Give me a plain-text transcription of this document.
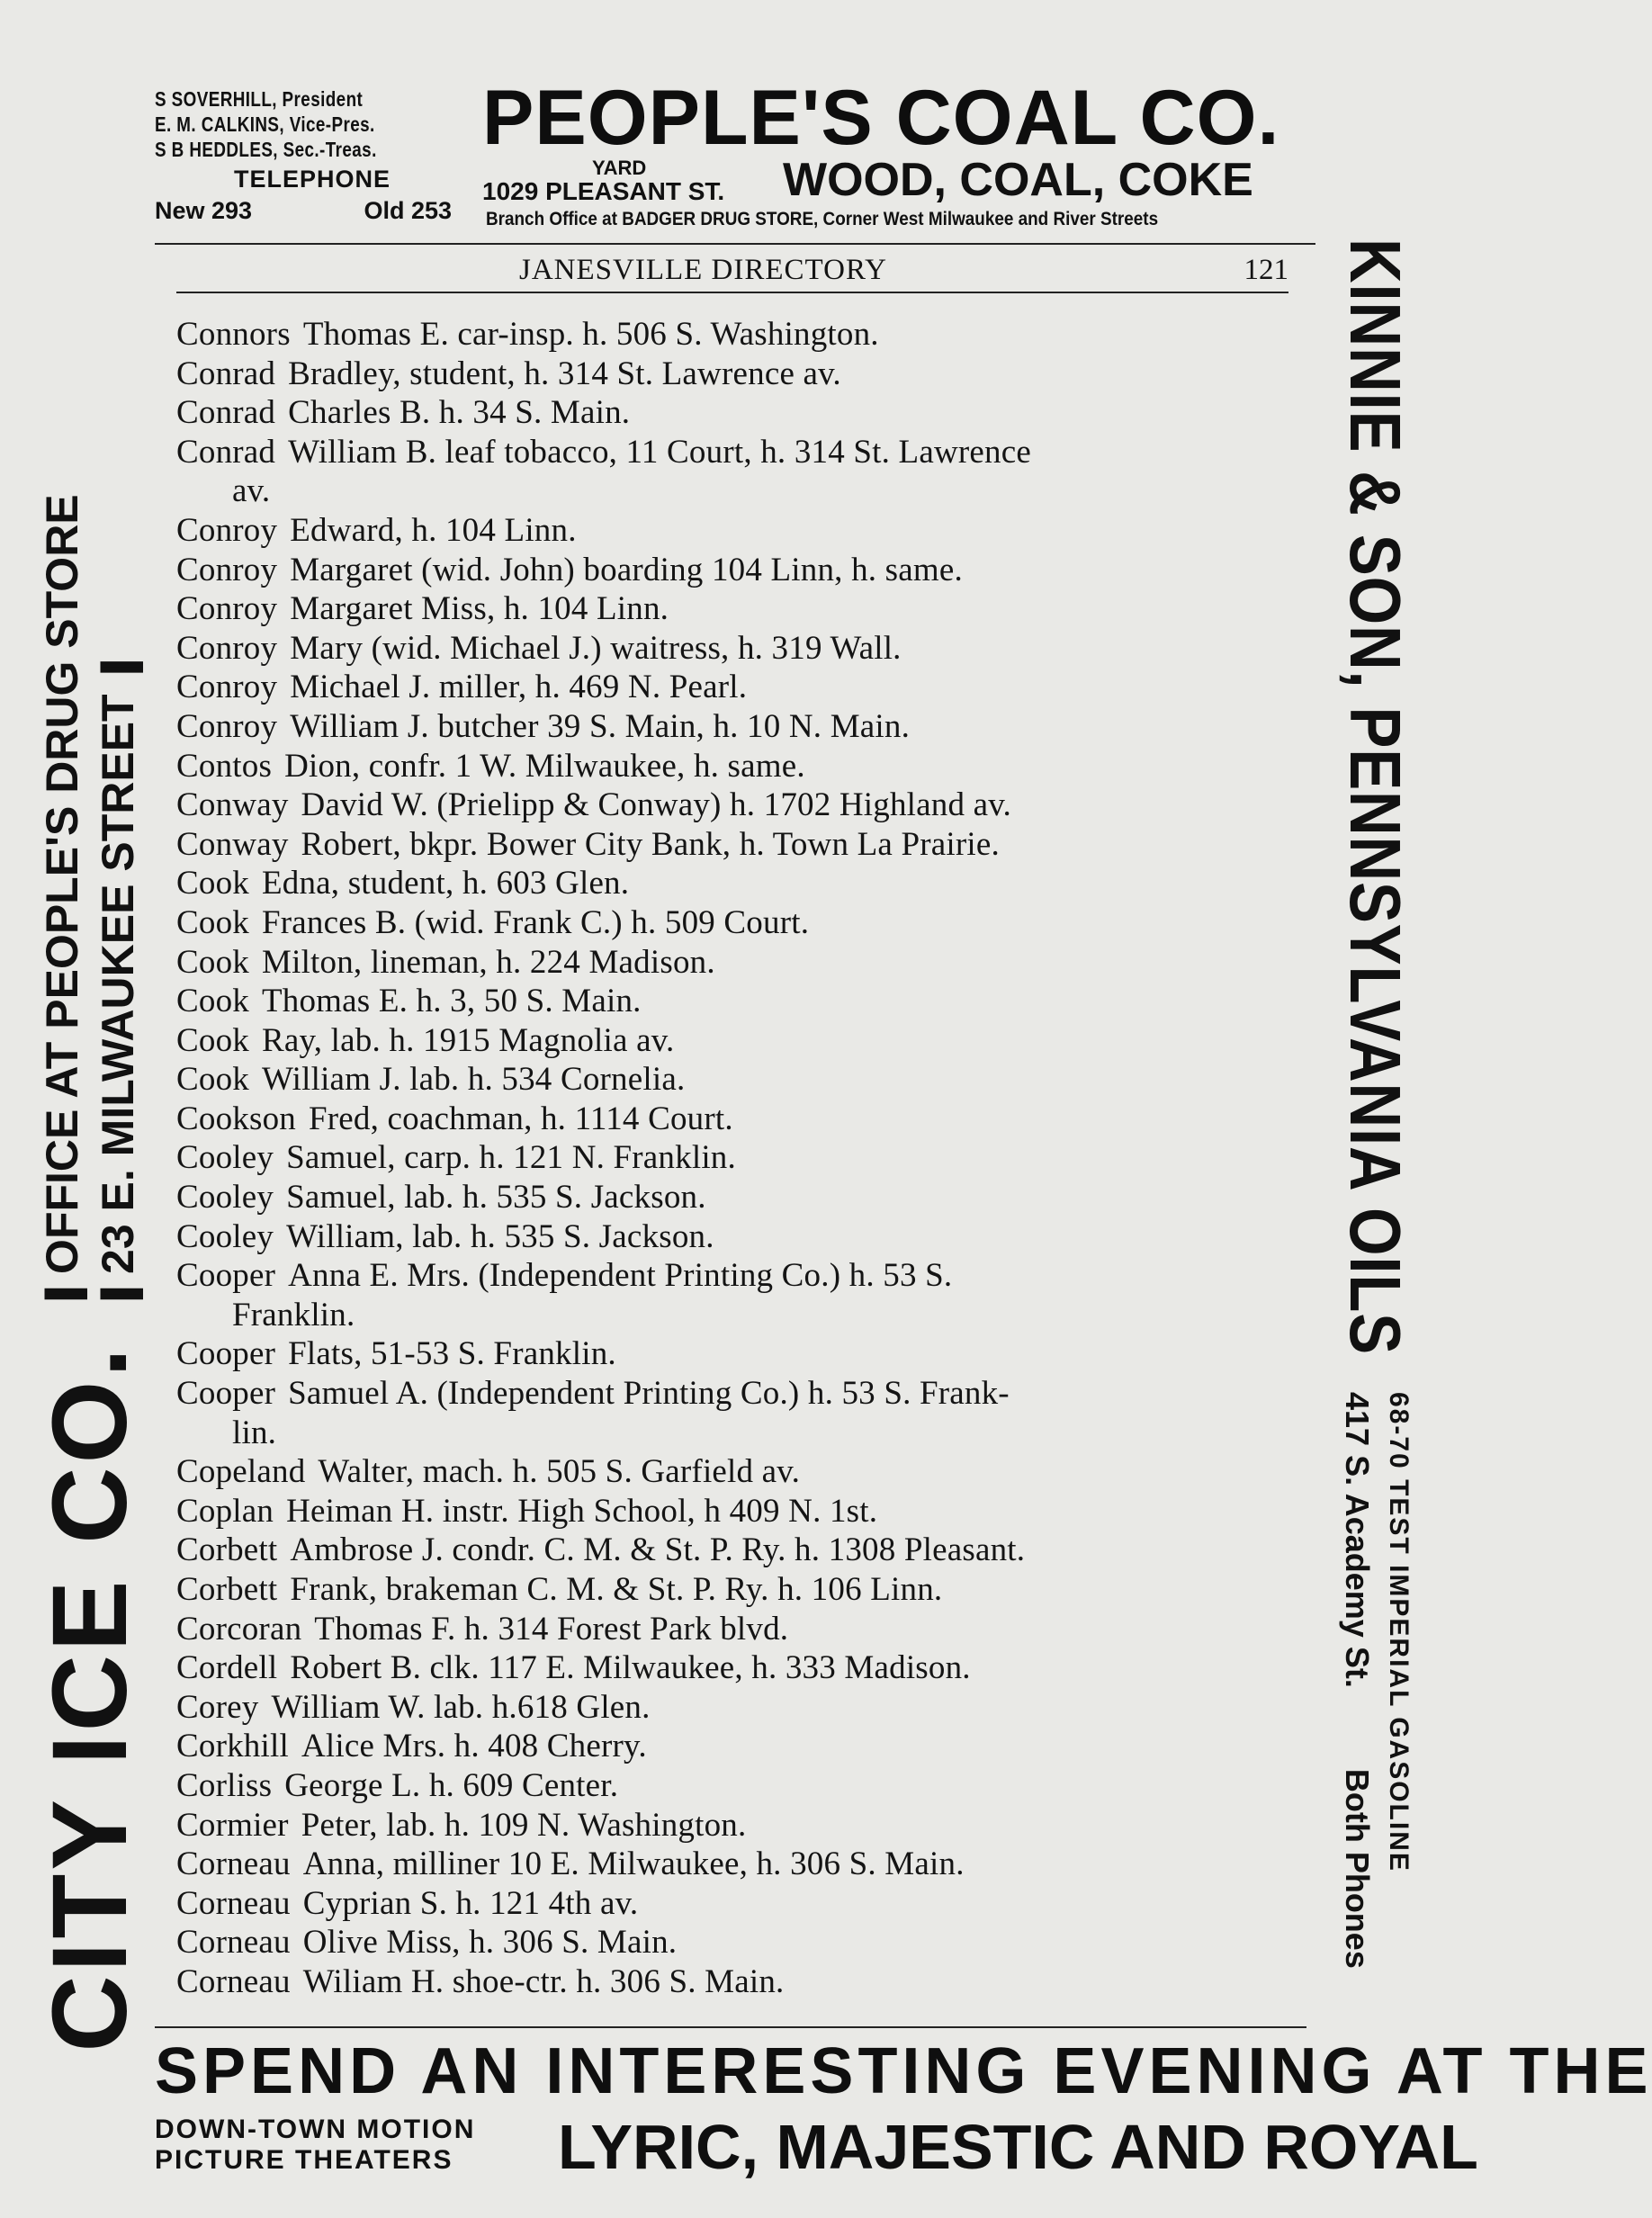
S SOVERHILL, President
E. M. CALKINS, Vice-Pres.
S B HEDDLES, Sec.-Treas.
TELEPHONE
New 293	Old 253
PEOPLE'S COAL CO.
YARD
1029 PLEASANT ST.	WOOD, COAL, COKE
Branch Office at BADGER DRUG STORE, Corner West Milwaukee and River Streets
JANESVILLE DIRECTORY	121
Connors Thomas E. car-insp. h. 506 S. Washington.
Conrad Bradley, student, h. 314 St. Lawrence av.
Conrad Charles B. h. 34 S. Main.
Conrad William B. leaf tobacco, 11 Court, h. 314 St. Lawrence
av.
Conroy Edward, h. 104 Linn.
Conroy Margaret (wid. John) boarding 104 Linn, h. same.
Conroy Margaret Miss, h. 104 Linn.
Conroy Mary (wid. Michael J.) waitress, h. 319 Wall.
Conroy Michael J. miller, h. 469 N. Pearl.
Conroy William J. butcher 39 S. Main, h. 10 N. Main.
Contos Dion, confr. 1 W. Milwaukee, h. same.
Conway David W. (Prielipp & Conway) h. 1702 Highland av.
Conway Robert, bkpr. Bower City Bank, h. Town La Prairie.
Cook Edna, student, h. 603 Glen.
Cook Frances B. (wid. Frank C.) h. 509 Court.
Cook Milton, lineman, h. 224 Madison.
Cook Thomas E. h. 3, 50 S. Main.
Cook Ray, lab. h. 1915 Magnolia av.
Cook William J. lab. h. 534 Cornelia.
Cookson Fred, coachman, h. 1114 Court.
Cooley Samuel, carp. h. 121 N. Franklin.
Cooley Samuel, lab. h. 535 S. Jackson.
Cooley William, lab. h. 535 S. Jackson.
Cooper Anna E. Mrs. (Independent Printing Co.) h. 53 S.
Franklin.
Cooper Flats, 51-53 S. Franklin.
Cooper Samuel A. (Independent Printing Co.) h. 53 S. Frank-
lin.
Copeland Walter, mach. h. 505 S. Garfield av.
Coplan Heiman H. instr. High School, h 409 N. 1st.
Corbett Ambrose J. condr. C. M. & St. P. Ry. h. 1308 Pleasant.
Corbett Frank, brakeman C. M. & St. P. Ry. h. 106 Linn.
Corcoran Thomas F. h. 314 Forest Park blvd.
Cordell Robert B. clk. 117 E. Milwaukee, h. 333 Madison.
Corey William W. lab. h.618 Glen.
Corkhill Alice Mrs. h. 408 Cherry.
Corliss George L. h. 609 Center.
Cormier Peter, lab. h. 109 N. Washington.
Corneau Anna, milliner 10 E. Milwaukee, h. 306 S. Main.
Corneau Cyprian S. h. 121 4th av.
Corneau Olive Miss, h. 306 S. Main.
Corneau Wiliam H. shoe-ctr. h. 306 S. Main.
CITY ICE CO.
||OFFICE AT PEOPLE'S DRUG STORE
||23 E. MILWAUKEE STREET||	KINNIE & SON, PENNSYLVANIA OILS
68-70 TEST IMPERIAL GASOLINE
417 S. Academy St.Both Phones
SPEND AN INTERESTING EVENING AT THE
DOWN-TOWN MOTION
PICTURE THEATERS	LYRIC, MAJESTIC AND ROYAL
